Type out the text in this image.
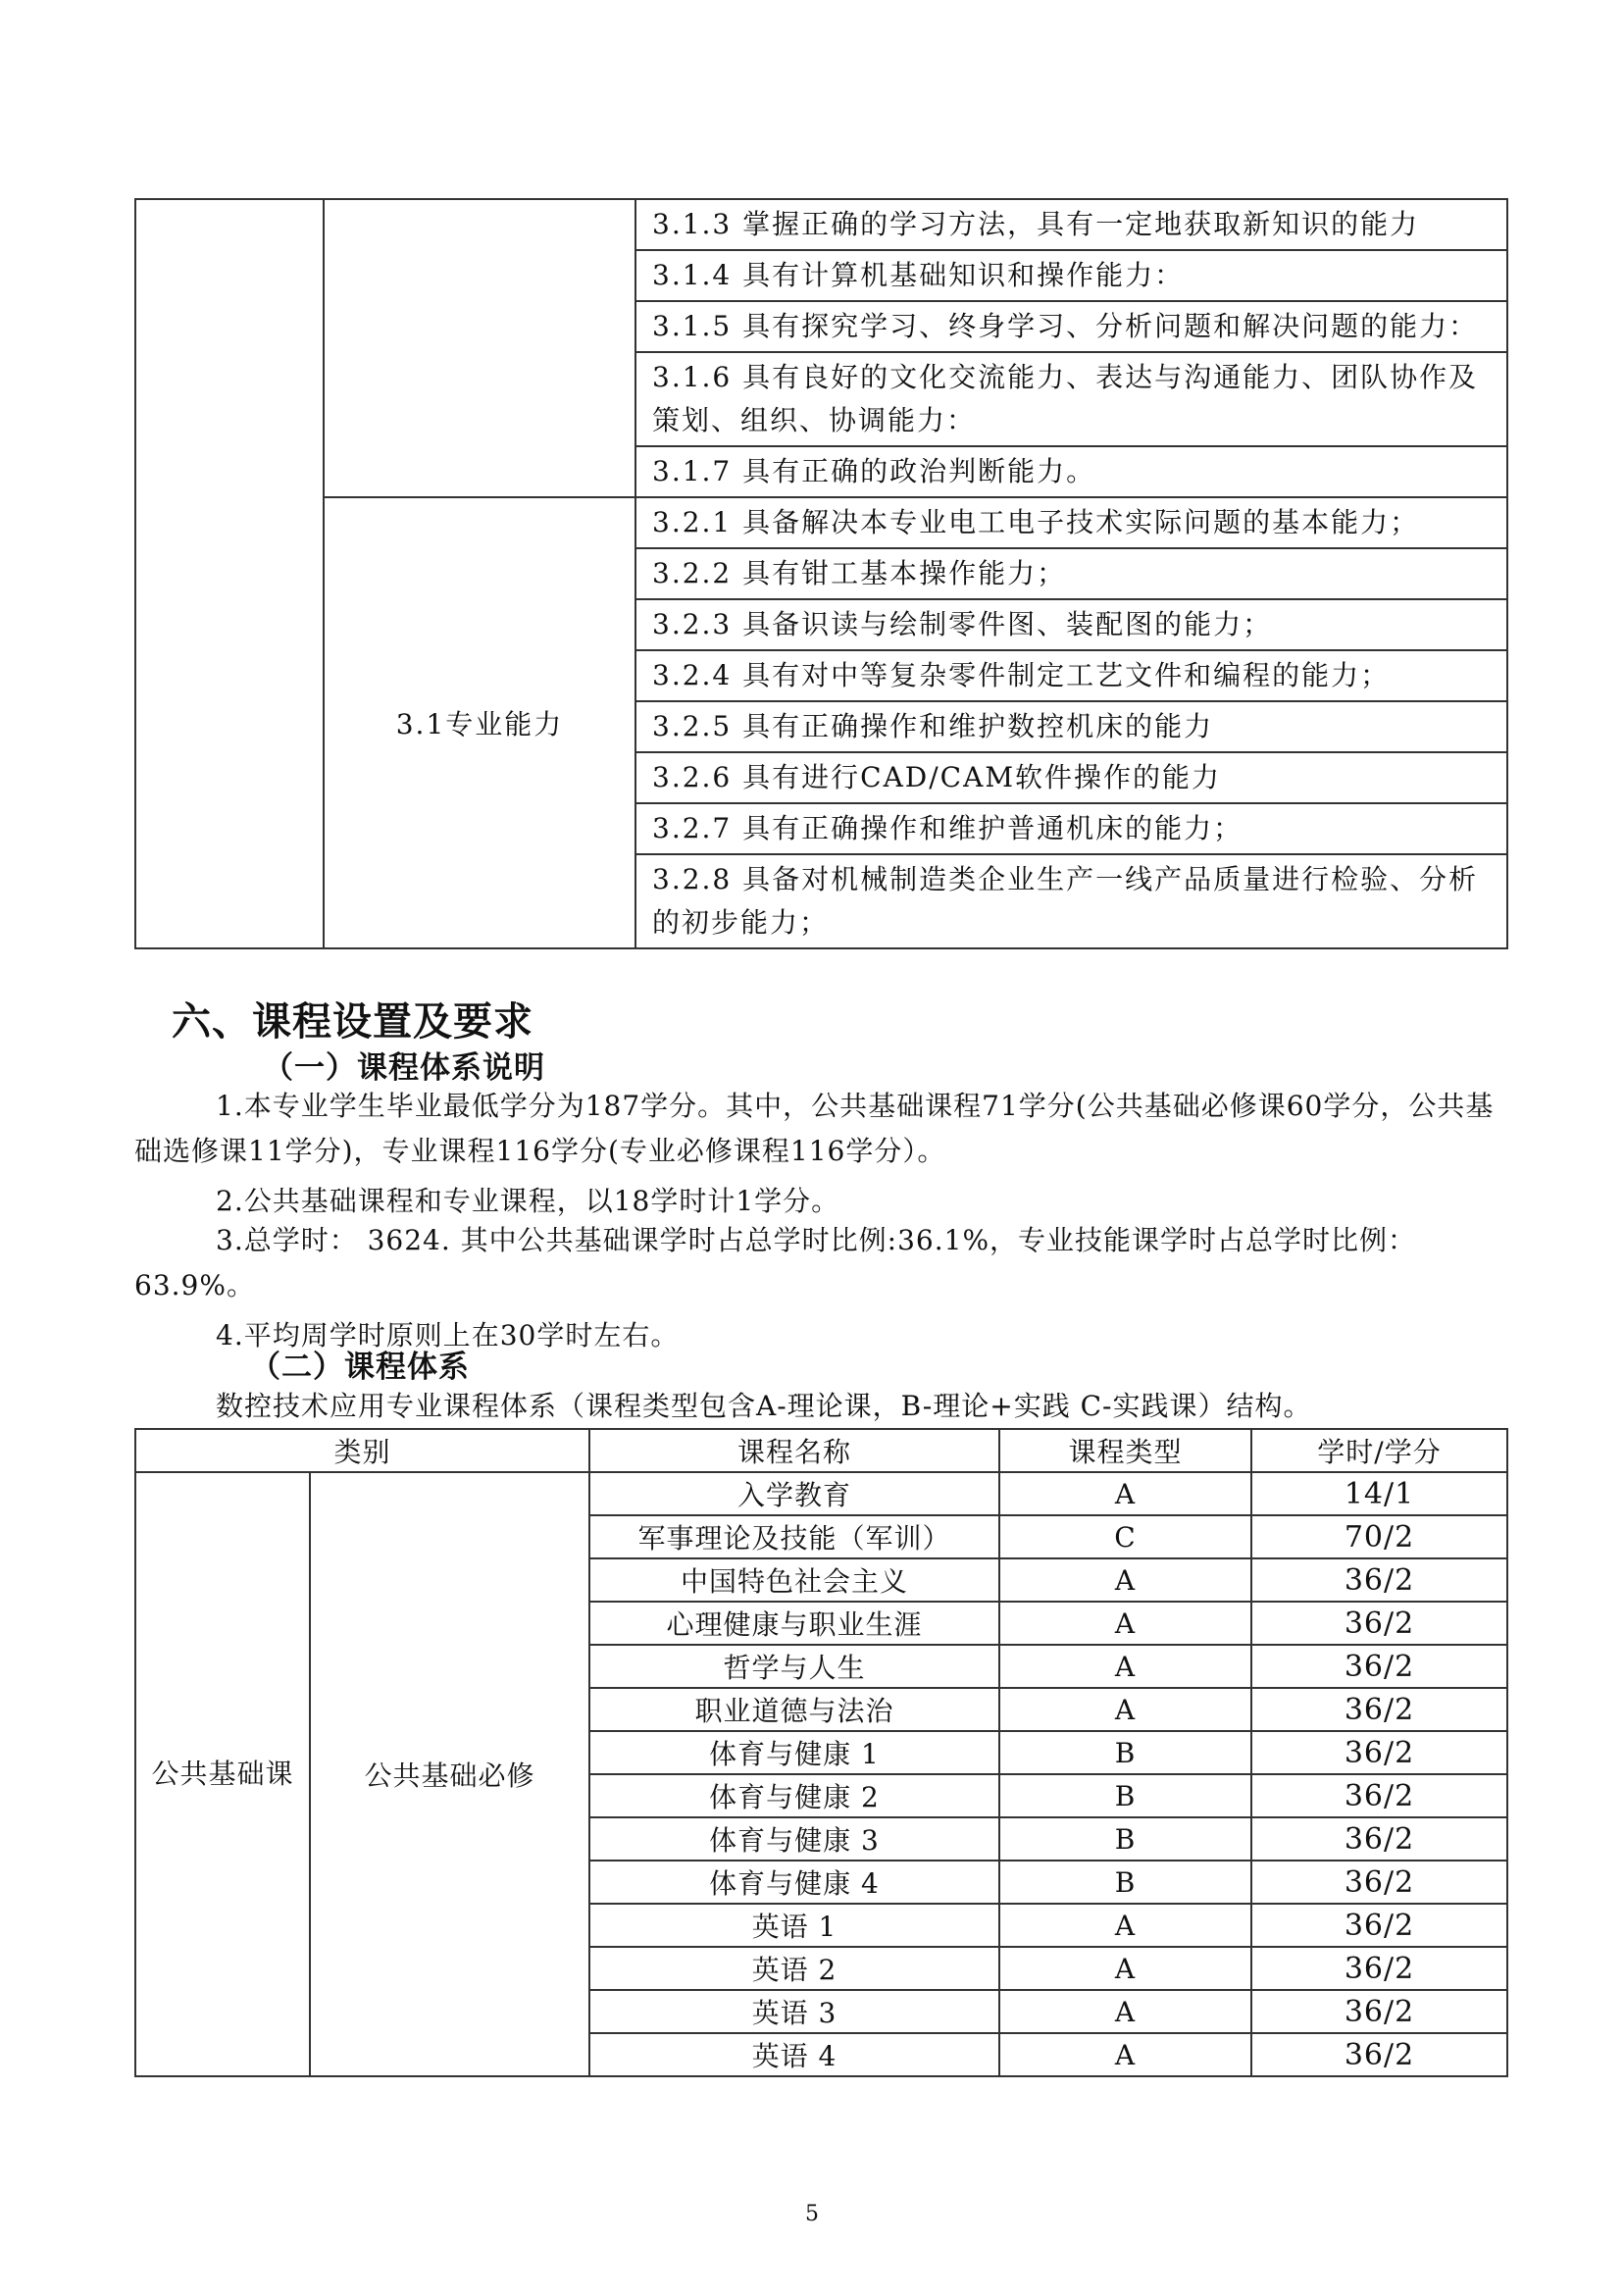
		3.1.3 掌握正确的学习方法，具有一定地获取新知识的能力
		3.1.4 具有计算机基础知识和操作能力：
		3.1.5 具有探究学习、终身学习、分析问题和解决问题的能力：
		3.1.6 具有良好的文化交流能力、表达与沟通能力、团队协作及策划、组织、协调能力：
		3.1.7 具有正确的政治判断能力。
	3.1专业能力	3.2.1 具备解决本专业电工电子技术实际问题的基本能力；
		3.2.2 具有钳工基本操作能力；
		3.2.3 具备识读与绘制零件图、装配图的能力；
		3.2.4 具有对中等复杂零件制定工艺文件和编程的能力；
		3.2.5 具有正确操作和维护数控机床的能力
		3.2.6 具有进行CAD/CAM软件操作的能力
		3.2.7 具有正确操作和维护普通机床的能力；
		3.2.8 具备对机械制造类企业生产一线产品质量进行检验、分析的初步能力；
六、课程设置及要求
（一）课程体系说明
1.本专业学生毕业最低学分为187学分。其中，公共基础课程71学分(公共基础必修课60学分，公共基础选修课11学分)，专业课程116学分(专业必修课程116学分）。
2.公共基础课程和专业课程，以18学时计1学分。
3.总学时： 3624. 其中公共基础课学时占总学时比例:36.1%，专业技能课学时占总学时比例：63.9%。
4.平均周学时原则上在30学时左右。
（二）课程体系
数控技术应用专业课程体系（课程类型包含A-理论课，B-理论+实践 C-实践课）结构。
类别		课程名称	课程类型	学时/学分
公共基础课	公共基础必修	入学教育	A	14/1
		军事理论及技能（军训）	C	70/2
		中国特色社会主义	A	36/2
		心理健康与职业生涯	A	36/2
		哲学与人生	A	36/2
		职业道德与法治	A	36/2
		体育与健康 1	B	36/2
		体育与健康 2	B	36/2
		体育与健康 3	B	36/2
		体育与健康 4	B	36/2
		英语 1	A	36/2
		英语 2	A	36/2
		英语 3	A	36/2
		英语 4	A	36/2
5
